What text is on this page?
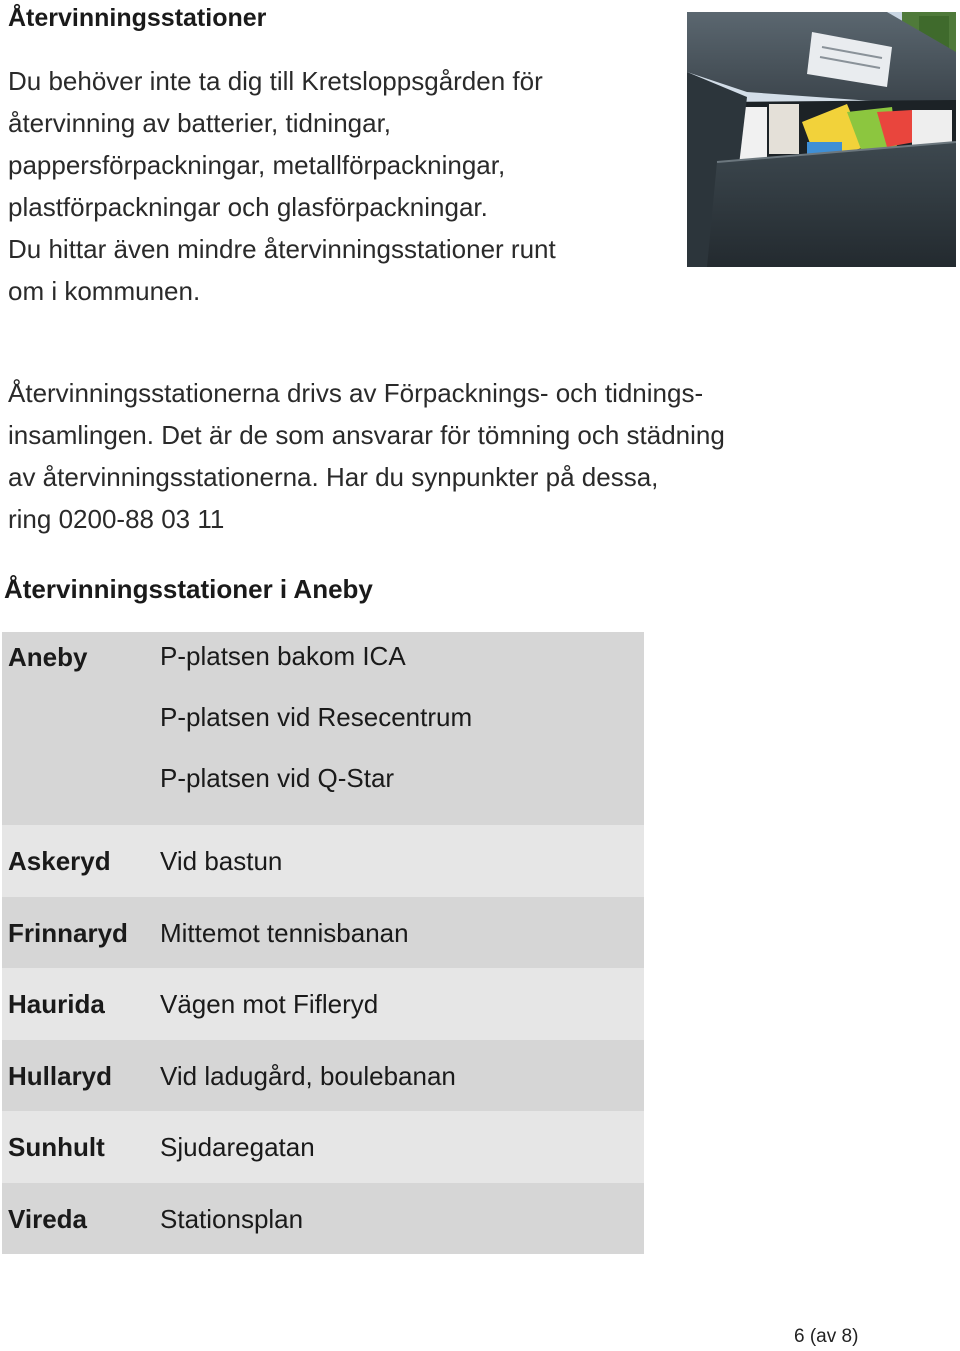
Återvinningsstationer
Du behöver inte ta dig till Kretsloppsgården för
återvinning av batterier, tidningar,
pappersförpackningar, metallförpackningar,
plastförpackningar och glasförpackningar.
Du hittar även mindre återvinningsstationer runt
om i kommunen.
Återvinningsstationerna drivs av Förpacknings- och tidnings-
insamlingen. Det är de som ansvarar för tömning och städning
av återvinningsstationerna. Har du synpunkter på dessa,
ring 0200-88 03 11
Återvinningsstationer i Aneby
Aneby	P-platsen bakom ICA
P-platsen vid Resecentrum
P-platsen vid Q-Star

Askeryd	Vid bastun
Frinnaryd	Mittemot tennisbanan
Haurida	Vägen mot Fifleryd
Hullaryd	Vid ladugård, boulebanan
Sunhult	Sjudaregatan
Vireda	Stationsplan

6 (av 8)
